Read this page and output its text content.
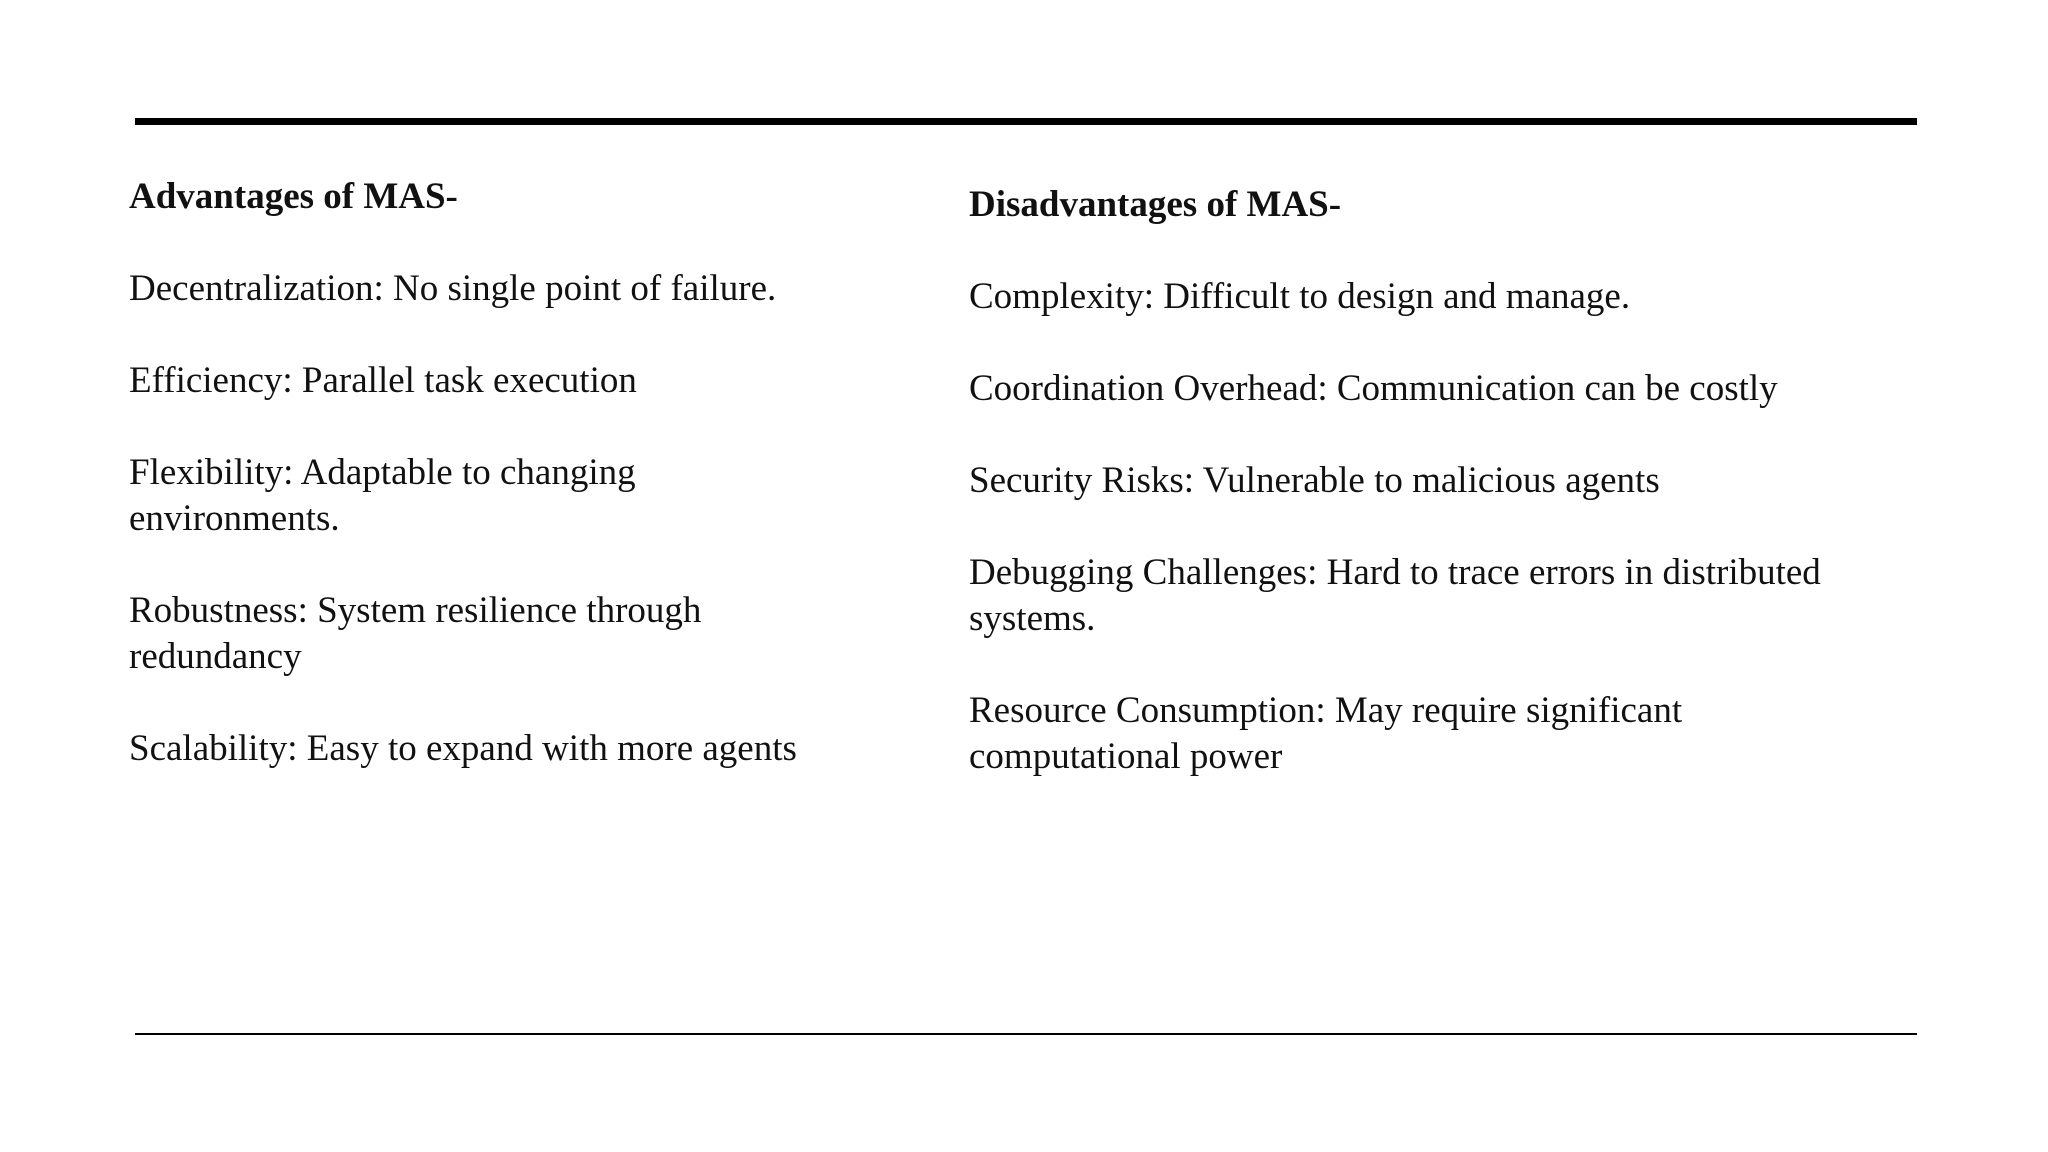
Advantages of MAS-
Decentralization: No single point of failure.
Efficiency: Parallel task execution
Flexibility: Adaptable to changing environments.
Robustness: System resilience through redundancy
Scalability: Easy to expand with more agents
Disadvantages of MAS-
Complexity: Difficult to design and manage.
Coordination Overhead: Communication can be costly
Security Risks: Vulnerable to malicious agents
Debugging Challenges: Hard to trace errors in distributed systems.
Resource Consumption: May require significant computational power
